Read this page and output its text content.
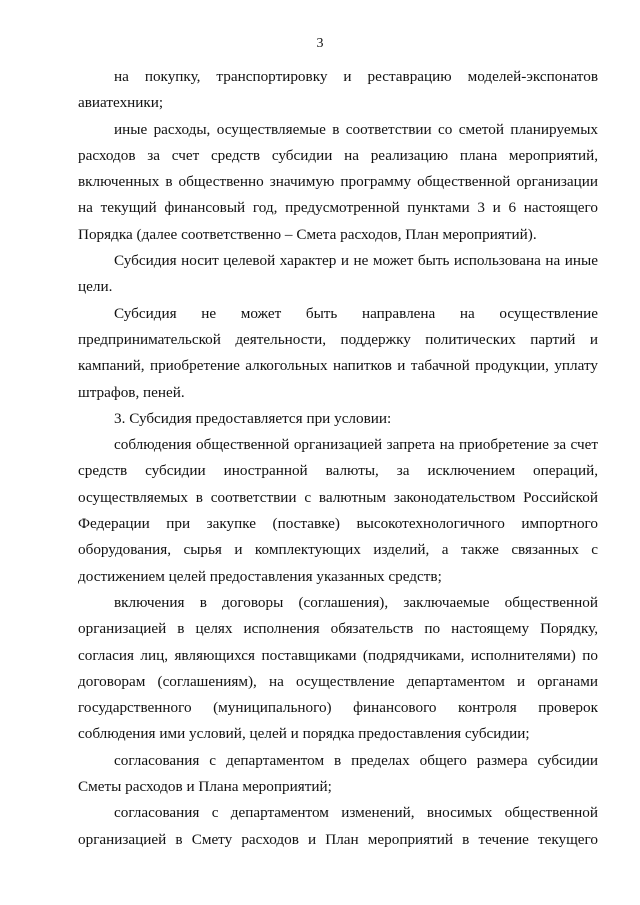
3

на покупку, транспортировку и реставрацию моделей-экспонатов авиатехники;

иные расходы, осуществляемые в соответствии со сметой планируемых расходов за счет средств субсидии на реализацию плана мероприятий, включенных в общественно значимую программу общественной организации на текущий финансовый год, предусмотренной пунктами 3 и 6 настоящего Порядка (далее соответственно – Смета расходов, План мероприятий).

Субсидия носит целевой характер и не может быть использована на иные цели.

Субсидия не может быть направлена на осуществление предпринимательской деятельности, поддержку политических партий и кампаний, приобретение алкогольных напитков и табачной продукции, уплату штрафов, пеней.

3. Субсидия предоставляется при условии:

соблюдения общественной организацией запрета на приобретение за счет средств субсидии иностранной валюты, за исключением операций, осуществляемых в соответствии с валютным законодательством Российской Федерации при закупке (поставке) высокотехнологичного импортного оборудования, сырья и комплектующих изделий, а также связанных с достижением целей предоставления указанных средств;

включения в договоры (соглашения), заключаемые общественной организацией в целях исполнения обязательств по настоящему Порядку, согласия лиц, являющихся поставщиками (подрядчиками, исполнителями) по договорам (соглашениям), на осуществление департаментом и органами государственного (муниципального) финансового контроля проверок соблюдения ими условий, целей и порядка предоставления субсидии;

согласования с департаментом в пределах общего размера субсидии Сметы расходов и Плана мероприятий;

согласования с департаментом изменений, вносимых общественной организацией в Смету расходов и План мероприятий в течение текущего
